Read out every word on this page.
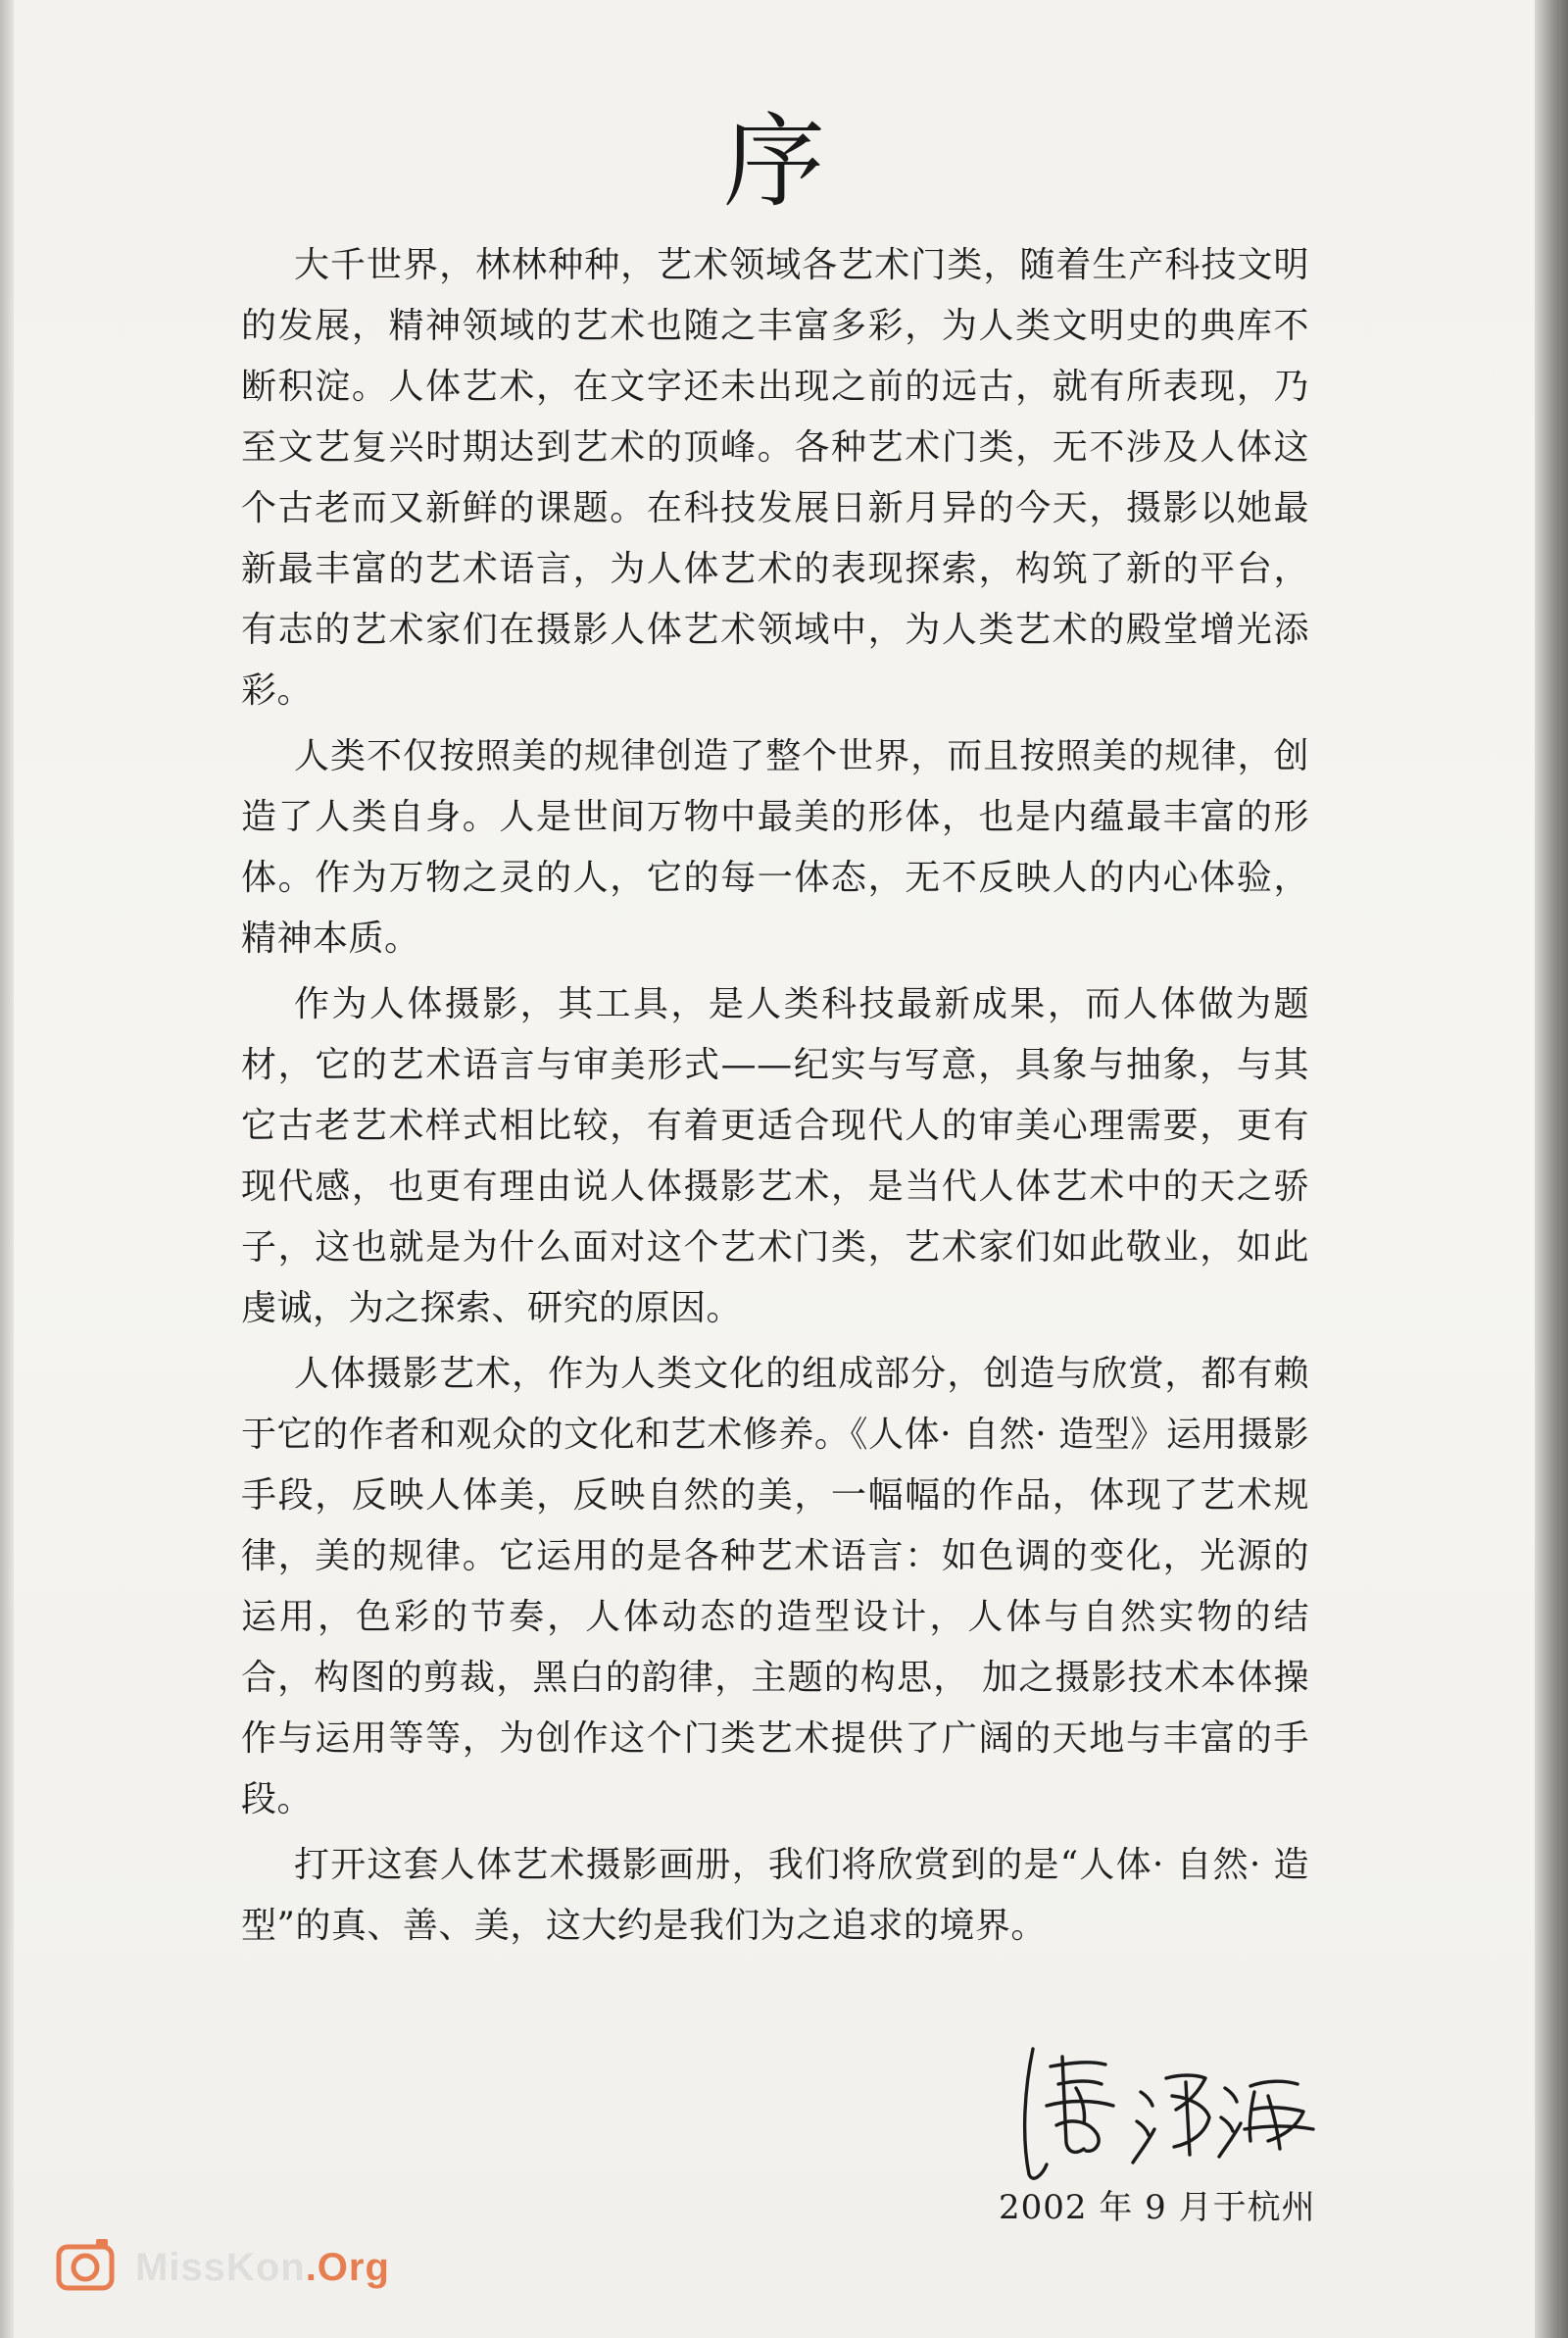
序

大千世界，林林种种，艺术领域各艺术门类，随着生产科技文明的发展，精神领域的艺术也随之丰富多彩，为人类文明史的典库不断积淀。人体艺术，在文字还未出现之前的远古，就有所表现，乃至文艺复兴时期达到艺术的顶峰。各种艺术门类，无不涉及人体这个古老而又新鲜的课题。在科技发展日新月异的今天，摄影以她最新最丰富的艺术语言，为人体艺术的表现探索，构筑了新的平台，有志的艺术家们在摄影人体艺术领域中，为人类艺术的殿堂增光添彩。

人类不仅按照美的规律创造了整个世界，而且按照美的规律，创造了人类自身。人是世间万物中最美的形体，也是内蕴最丰富的形体。作为万物之灵的人，它的每一体态，无不反映人的内心体验，精神本质。

作为人体摄影，其工具，是人类科技最新成果，而人体做为题材，它的艺术语言与审美形式——纪实与写意，具象与抽象，与其它古老艺术样式相比较，有着更适合现代人的审美心理需要，更有现代感，也更有理由说人体摄影艺术，是当代人体艺术中的天之骄子，这也就是为什么面对这个艺术门类，艺术家们如此敬业，如此虔诚，为之探索、研究的原因。

人体摄影艺术，作为人类文化的组成部分，创造与欣赏，都有赖于它的作者和观众的文化和艺术修养。《人体· 自然· 造型》运用摄影手段，反映人体美，反映自然的美，一幅幅的作品，体现了艺术规律，美的规律。它运用的是各种艺术语言：如色调的变化，光源的运用，色彩的节奏，人体动态的造型设计，人体与自然实物的结合，构图的剪裁，黑白的韵律，主题的构思， 加之摄影技术本体操作与运用等等，为创作这个门类艺术提供了广阔的天地与丰富的手段。

打开这套人体艺术摄影画册，我们将欣赏到的是“人体· 自然· 造型”的真、善、美，这大约是我们为之追求的境界。

2002 年 9 月于杭州
MissKon.Org
